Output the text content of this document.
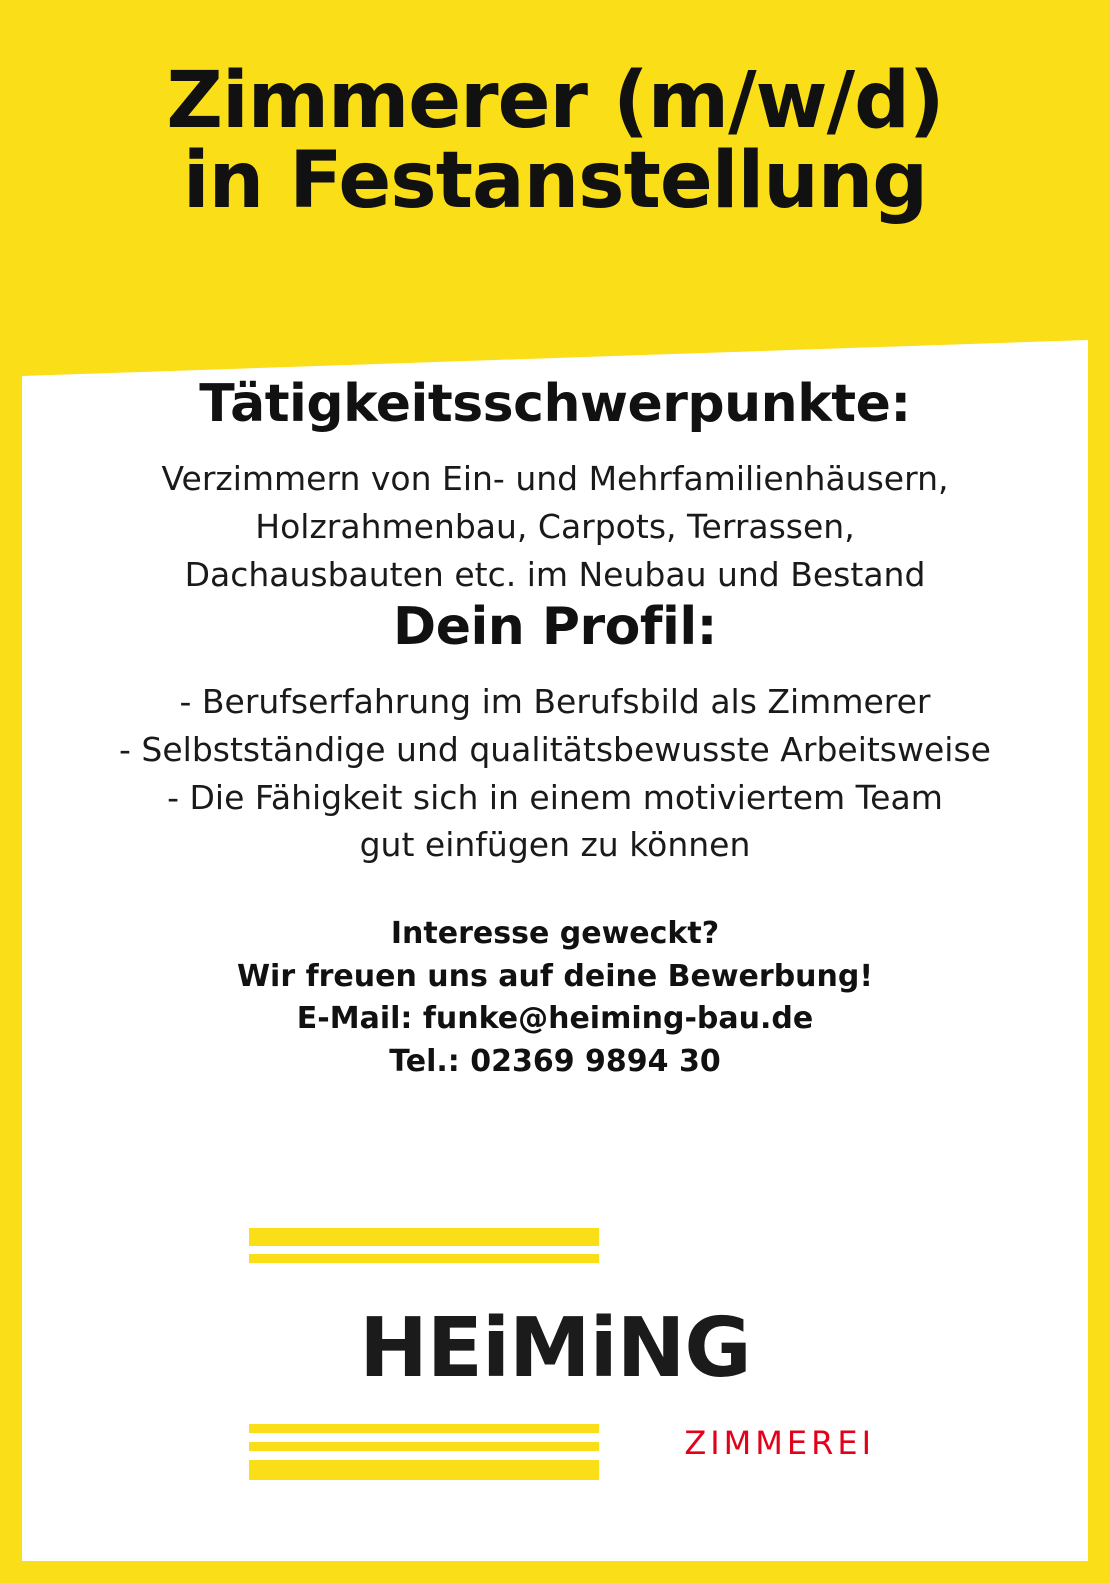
Zimmerer (m/w/d)
in Festanstellung
Tätigkeitsschwerpunkte:

Verzimmern von Ein- und Mehrfamilienhäusern,
Holzrahmenbau, Carpots, Terrassen,
Dachausbauten etc. im Neubau und Bestand

Dein Profil:

- Berufserfahrung im Berufsbild als Zimmerer
- Selbstständige und qualitätsbewusste Arbeitsweise
- Die Fähigkeit sich in einem motiviertem Team
gut einfügen zu können

Interesse geweckt?
Wir freuen uns auf deine Bewerbung!
E-Mail: funke@heiming-bau.de
Tel.: 02369 9894 30
HEiMiNG
ZIMMEREI
